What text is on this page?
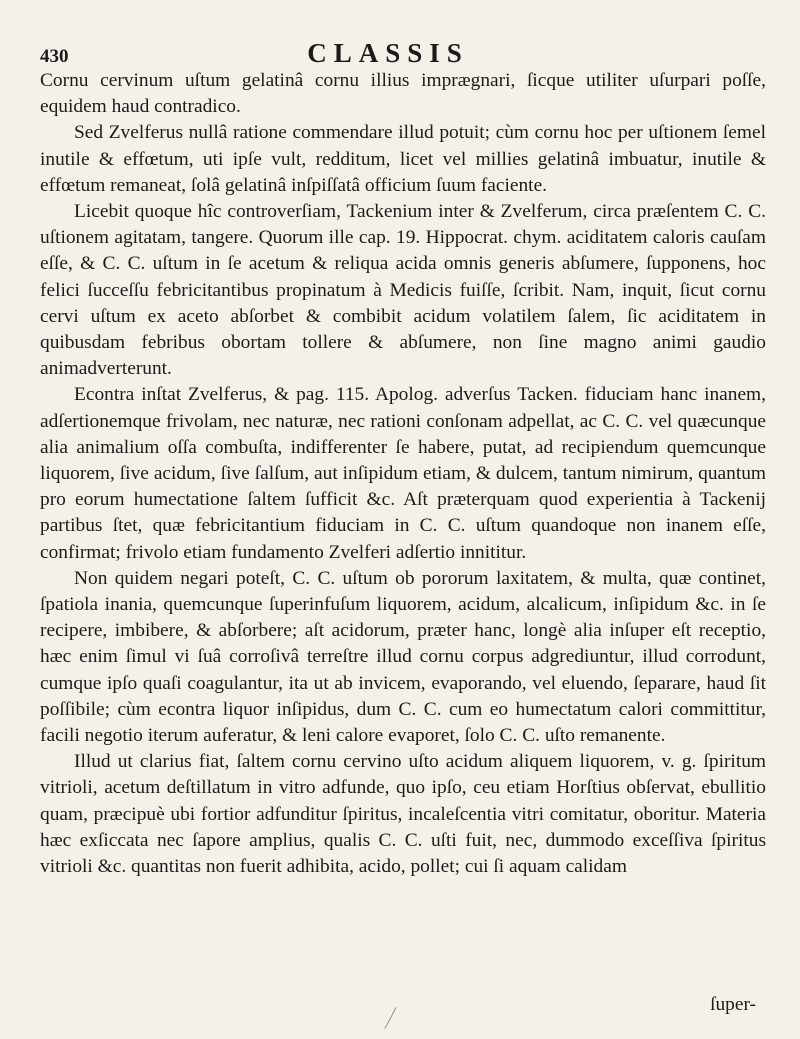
430	CLASSIS

Cornu cervinum uſtum gelatinâ cornu illius imprægnari, ſicque utiliter uſurpari poſſe, equidem haud contradico.

Sed Zvelferus nullâ ratione commendare illud potuit; cùm cornu hoc per uſtionem ſemel inutile & effœtum, uti ipſe vult, redditum, licet vel millies gelatinâ imbuatur, inutile & effœtum remaneat, ſolâ gelatinâ inſpiſſatâ officium ſuum faciente.

Licebit quoque hîc controverſiam, Tackenium inter & Zvelferum, circa præſentem C. C. uſtionem agitatam, tangere. Quorum ille cap. 19. Hippocrat. chym. aciditatem caloris cauſam eſſe, & C. C. uſtum in ſe acetum & reliqua acida omnis generis abſumere, ſupponens, hoc felici ſucceſſu febricitantibus propinatum à Medicis fuiſſe, ſcribit. Nam, inquit, ſicut cornu cervi uſtum ex aceto abſorbet & combibit acidum volatilem ſalem, ſic aciditatem in quibusdam febribus obortam tollere & abſumere, non ſine magno animi gaudio animadverterunt.

Econtra inſtat Zvelferus, & pag. 115. Apolog. adverſus Tacken. fiduciam hanc inanem, adſertionemque frivolam, nec naturæ, nec rationi conſonam adpellat, ac C. C. vel quæcunque alia animalium oſſa combuſta, indifferenter ſe habere, putat, ad recipiendum quemcunque liquorem, ſive acidum, ſive ſalſum, aut inſipidum etiam, & dulcem, tantum nimirum, quantum pro eorum humectatione ſaltem ſufficit &c. Aſt præterquam quod experientia à Tackenij partibus ſtet, quæ febricitantium fiduciam in C. C. uſtum quandoque non inanem eſſe, confirmat; frivolo etiam fundamento Zvelferi adſertio innititur.

Non quidem negari poteſt, C. C. uſtum ob pororum laxitatem, & multa, quæ continet, ſpatiola inania, quemcunque ſuperinfuſum liquorem, acidum, alcalicum, inſipidum &c. in ſe recipere, imbibere, & abſorbere; aſt acidorum, præter hanc, longè alia inſuper eſt receptio, hæc enim ſimul vi ſuâ corroſivâ terreſtre illud cornu corpus adgrediuntur, illud corrodunt, cumque ipſo quaſi coagulantur, ita ut ab invicem, evaporando, vel eluendo, ſeparare, haud ſit poſſibile; cùm econtra liquor inſipidus, dum C. C. cum eo humectatum calori committitur, facili negotio iterum auferatur, & leni calore evaporet, ſolo C. C. uſto remanente.

Illud ut clarius fiat, ſaltem cornu cervino uſto acidum aliquem liquorem, v. g. ſpiritum vitrioli, acetum deſtillatum in vitro adfunde, quo ipſo, ceu etiam Horſtius obſervat, ebullitio quam, præcipuè ubi fortior adfunditur ſpiritus, incaleſcentia vitri comitatur, oboritur. Materia hæc exſiccata nec ſapore amplius, qualis C. C. uſti fuit, nec, dummodo exceſſiva ſpiritus vitrioli &c. quantitas non fuerit adhibita, acido, pollet; cui ſi aquam calidam

ſuper-
